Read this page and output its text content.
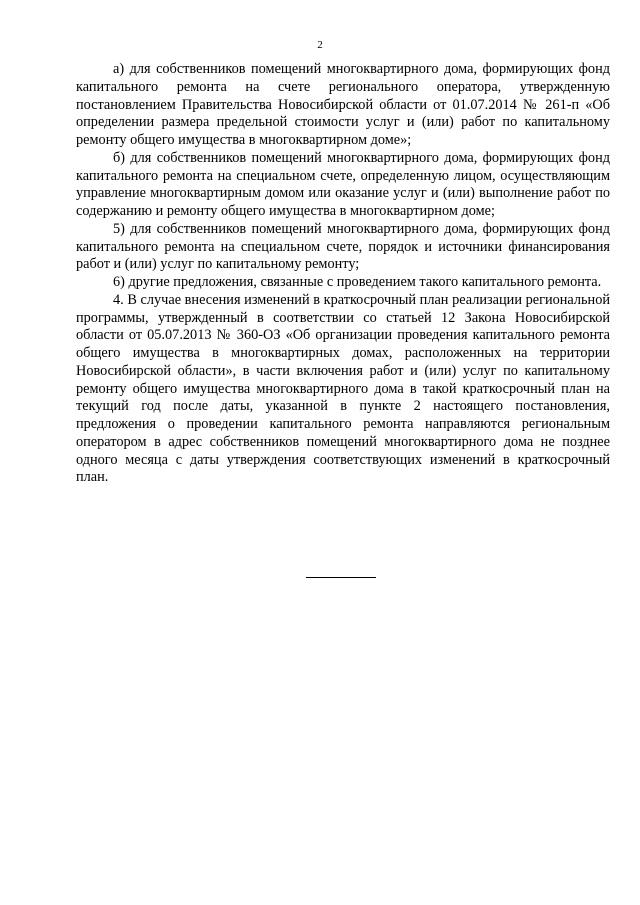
2

а) для собственников помещений многоквартирного дома, формирующих фонд капитального ремонта на счете регионального оператора, утвержденную постановлением Правительства Новосибирской области от 01.07.2014 № 261-п «Об определении размера предельной стоимости услуг и (или) работ по капитальному ремонту общего имущества в многоквартирном доме»;

б) для собственников помещений многоквартирного дома, формирующих фонд капитального ремонта на специальном счете, определенную лицом, осуществляющим управление многоквартирным домом или оказание услуг и (или) выполнение работ по содержанию и ремонту общего имущества в многоквартирном доме;

5) для собственников помещений многоквартирного дома, формирующих фонд капитального ремонта на специальном счете, порядок и источники финансирования работ и (или) услуг по капитальному ремонту;

6) другие предложения, связанные с проведением такого капитального ремонта.

4. В случае внесения изменений в краткосрочный план реализации региональной программы, утвержденный в соответствии со статьей 12 Закона Новосибирской области от 05.07.2013 № 360-ОЗ «Об организации проведения капитального ремонта общего имущества в многоквартирных домах, расположенных на территории Новосибирской области», в части включения работ и (или) услуг по капитальному ремонту общего имущества многоквартирного дома в такой краткосрочный план на текущий год после даты, указанной в пункте 2 настоящего постановления, предложения о проведении капитального ремонта направляются региональным оператором в адрес собственников помещений многоквартирного дома не позднее одного месяца с даты утверждения соответствующих изменений в краткосрочный план.
